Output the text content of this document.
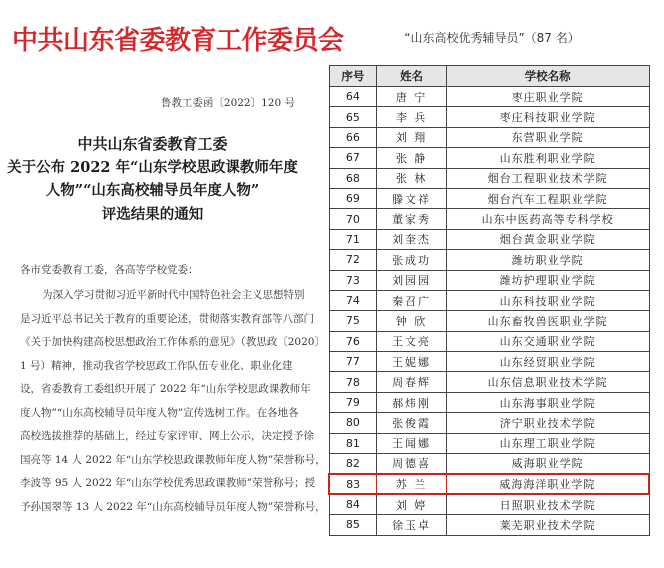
中共山东省委教育工作委员会
鲁教工委函〔2022〕120 号
中共山东省委教育工委
关于公布 2022 年“山东学校思政课教师年度
人物”“山东高校辅导员年度人物”
评选结果的通知
各市党委教育工委，各高等学校党委：

为深入学习贯彻习近平新时代中国特色社会主义思想特别

是习近平总书记关于教育的重要论述，贯彻落实教育部等八部门

《关于加快构建高校思想政治工作体系的意见》（教思政〔2020〕

1 号）精神，推动我省学校思政工作队伍专业化、职业化建

设，省委教育工委组织开展了 2022 年“山东学校思政课教师年

度人物”“山东高校辅导员年度人物”宣传选树工作。在各地各

高校选拔推荐的基础上，经过专家评审、网上公示，决定授予徐

国亮等 14 人 2022 年“山东学校思政课教师年度人物”荣誉称号，

李波等 95 人 2022 年“山东学校优秀思政课教师”荣誉称号；授

予孙国翠等 13 人 2022 年“山东高校辅导员年度人物”荣誉称号，

“山东高校优秀辅导员”（87 名）
序号	姓名	学校名称
64	唐 宁	枣庄职业学院
65	李 兵	枣庄科技职业学院
66	刘 翔	东营职业学院
67	张 静	山东胜利职业学院
68	张 林	烟台工程职业技术学院
69	滕文祥	烟台汽车工程职业学院
70	董家秀	山东中医药高等专科学校
71	刘奎杰	烟台黄金职业学院
72	张成功	潍坊职业学院
73	刘园园	潍坊护理职业学院
74	秦召广	山东科技职业学院
75	钟 欣	山东畜牧兽医职业学院
76	王文亮	山东交通职业学院
77	王妮娜	山东经贸职业学院
78	周春辉	山东信息职业技术学院
79	郝炜刚	山东海事职业学院
80	张俊霞	济宁职业技术学院
81	王闻娜	山东理工职业学院
82	周德喜	威海职业学院
83	苏 兰	威海海洋职业学院
84	刘 婷	日照职业技术学院
85	徐玉卓	莱芜职业技术学院
